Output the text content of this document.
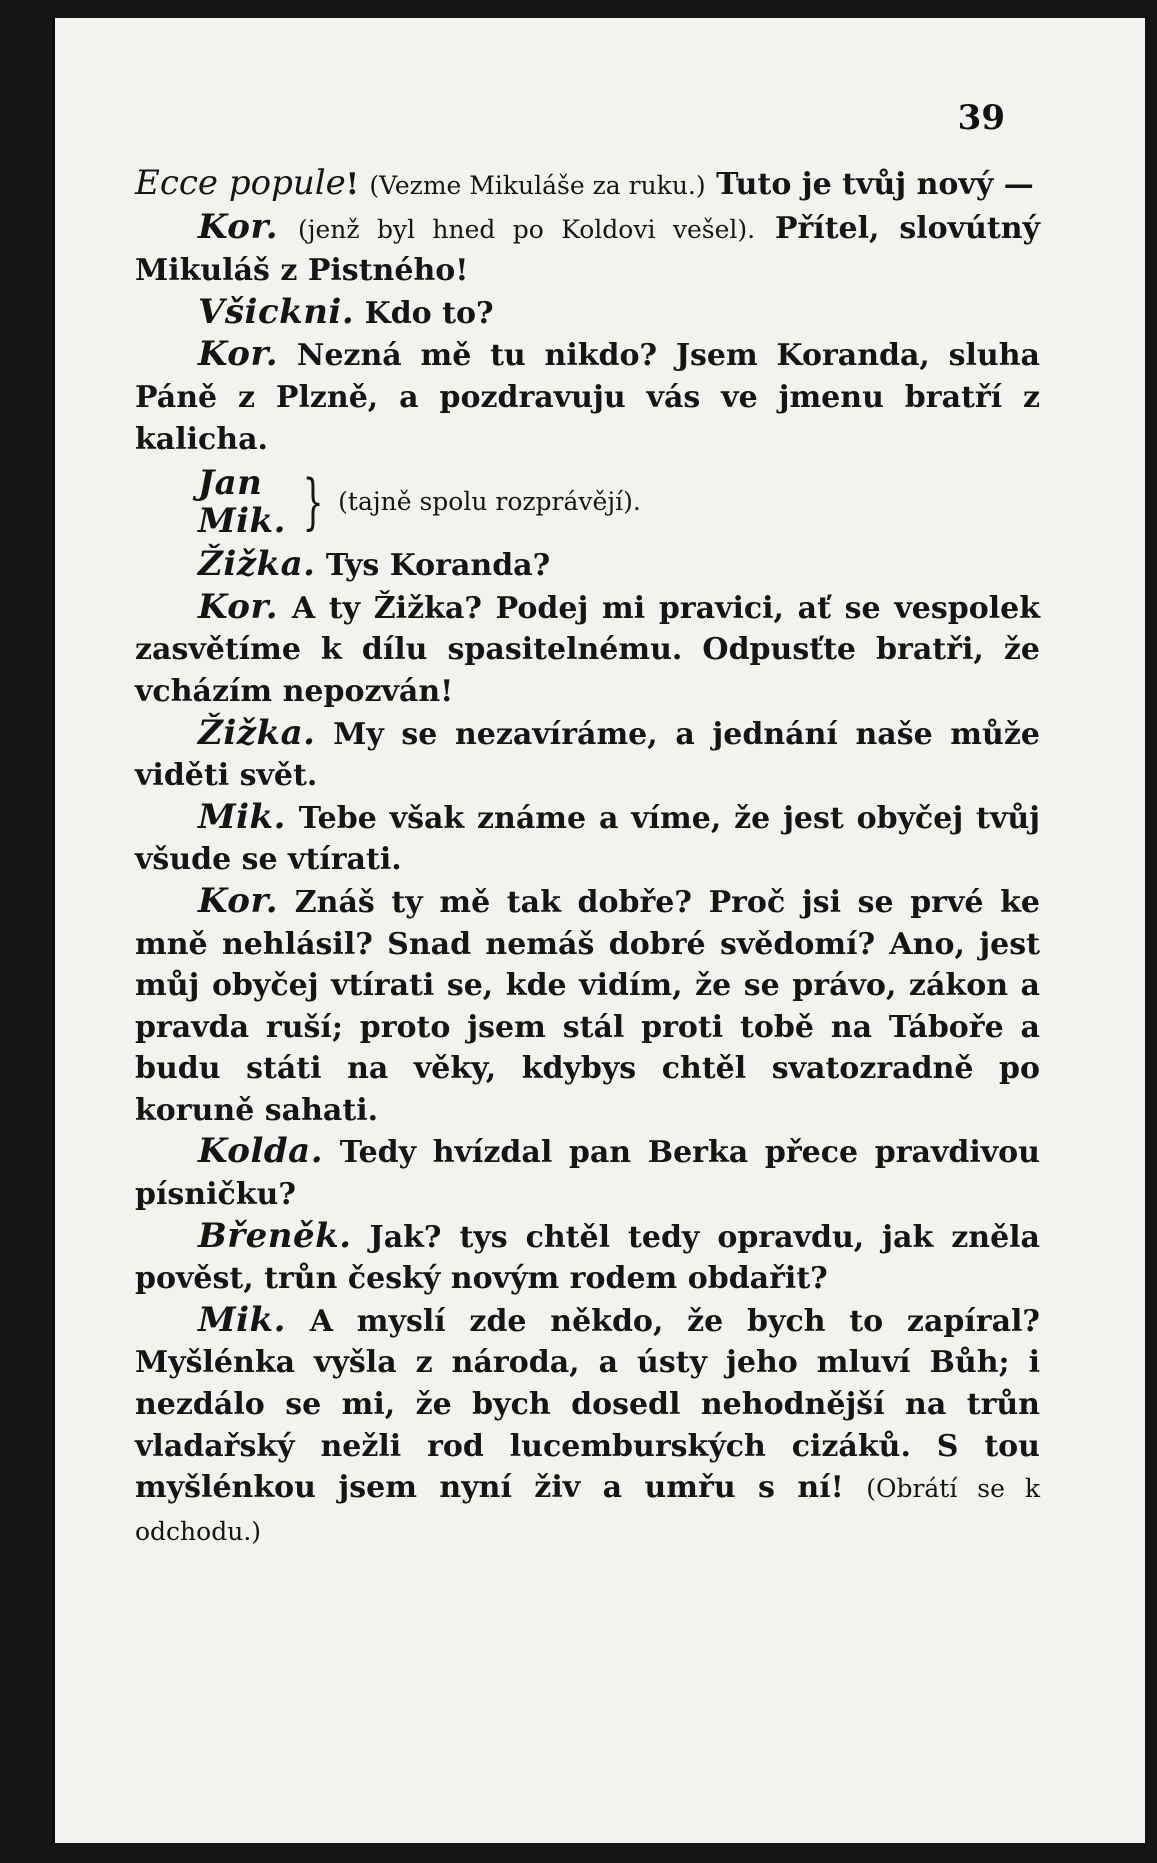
39

Ecce popule! (Vezme Mikuláše za ruku.) Tuto je tvůj nový —

Kor. (jenž byl hned po Koldovi vešel). Přítel, slovútný Mikuláš z Pistného!

Všickni. Kdo to?

Kor. Nezná mě tu nikdo? Jsem Koranda, sluha Páně z Plzně, a pozdravuju vás ve jmenu bratří z kalicha.

Jan
Mik. } (tajně spolu rozprávějí).

Žižka. Tys Koranda?

Kor. A ty Žižka? Podej mi pravici, ať se vespolek zasvětíme k dílu spasitelnému. Odpusťte bratři, že vcházím nepozván!

Žižka. My se nezavíráme, a jednání naše může viděti svět.

Mik. Tebe však známe a víme, že jest obyčej tvůj všude se vtírati.

Kor. Znáš ty mě tak dobře? Proč jsi se prvé ke mně nehlásil? Snad nemáš dobré svědomí? Ano, jest můj obyčej vtírati se, kde vidím, že se právo, zákon a pravda ruší; proto jsem stál proti tobě na Táboře a budu státi na věky, kdybys chtěl svatozradně po koruně sahati.

Kolda. Tedy hvízdal pan Berka přece pravdivou písničku?

Břeněk. Jak? tys chtěl tedy opravdu, jak zněla pověst, trůn český novým rodem obdařit?

Mik. A myslí zde někdo, že bych to zapíral? Myšlénka vyšla z národa, a ústy jeho mluví Bůh; i nezdálo se mi, že bych dosedl nehodnější na trůn vladařský nežli rod lucemburských cizáků. S tou myšlénkou jsem nyní živ a umřu s ní! (Obrátí se k odchodu.)
